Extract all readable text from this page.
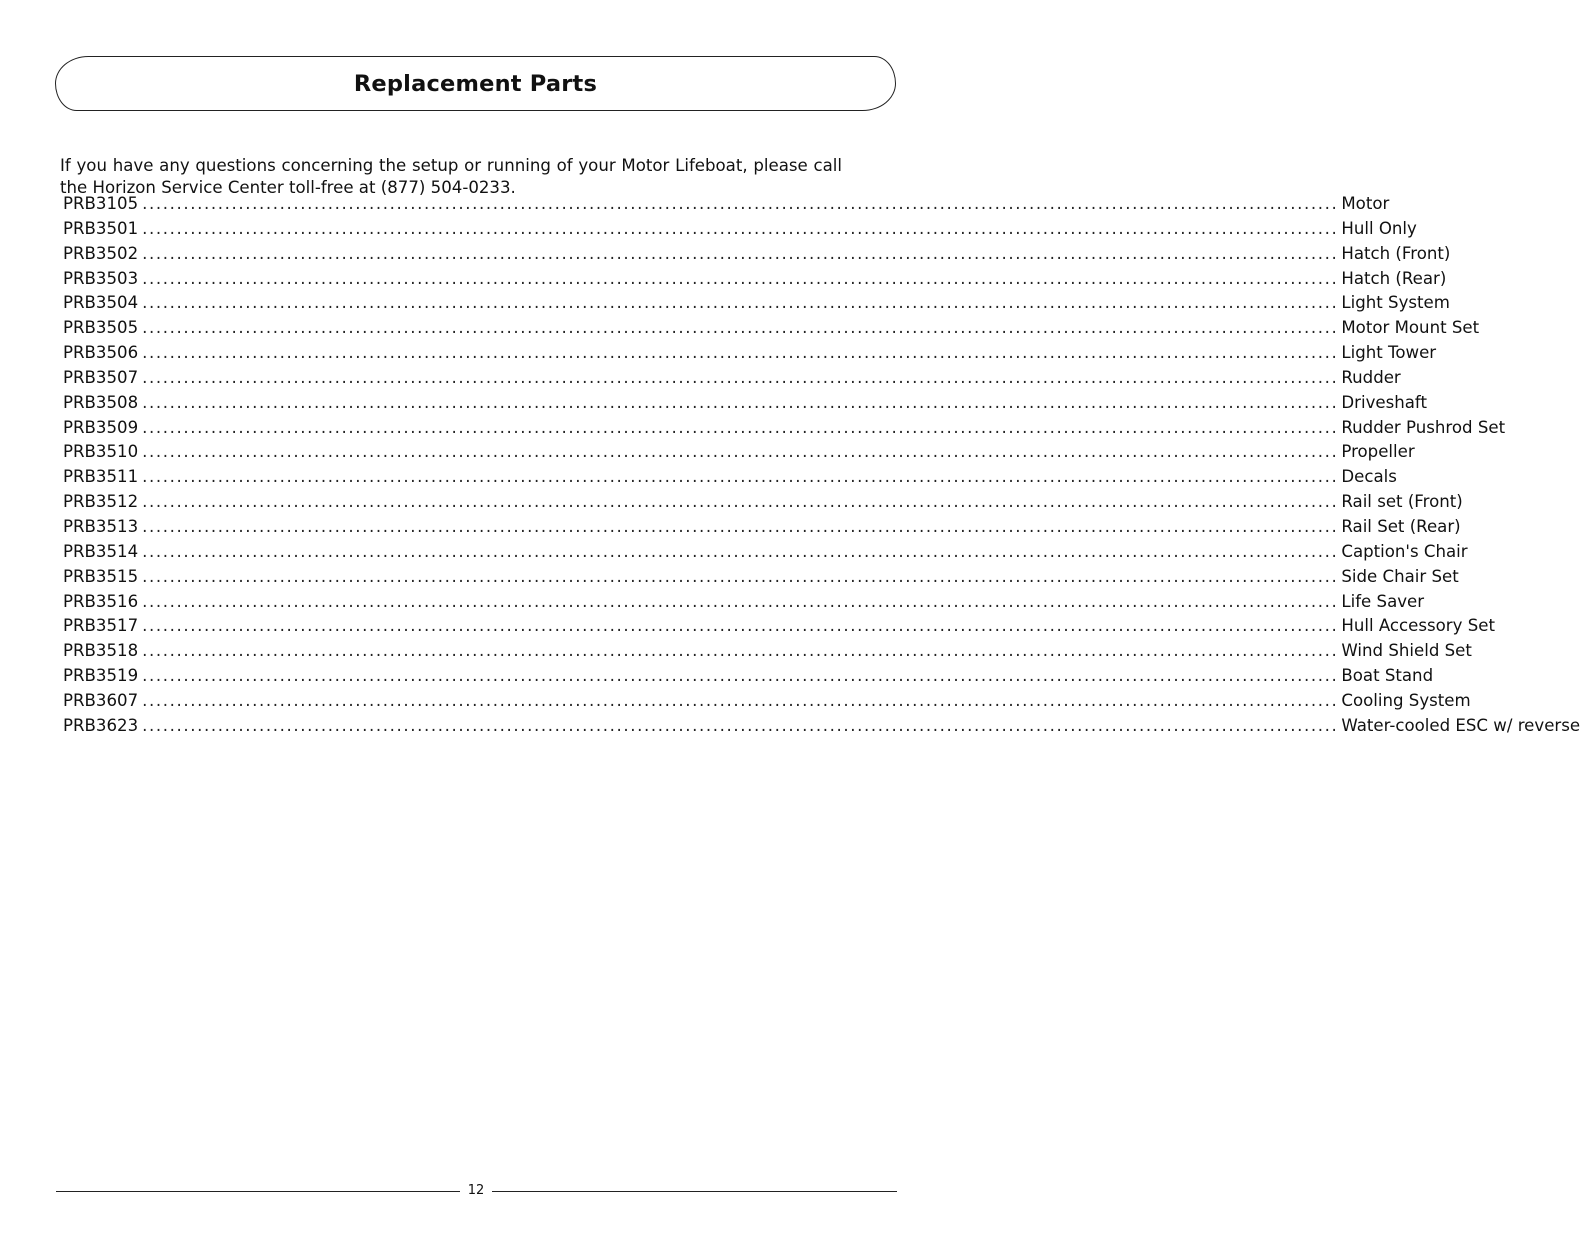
Replacement Parts

If you have any questions concerning the setup or running of your Motor Lifeboat, please call the Horizon Service Center toll-free at (877) 504-0233.

PRB3105 .............................................................................................................................................................................. Motor
PRB3501 .............................................................................................................................................................................. Hull Only
PRB3502 .............................................................................................................................................................................. Hatch (Front)
PRB3503 .............................................................................................................................................................................. Hatch (Rear)
PRB3504 .............................................................................................................................................................................. Light System
PRB3505 .............................................................................................................................................................................. Motor Mount Set
PRB3506 .............................................................................................................................................................................. Light Tower
PRB3507 .............................................................................................................................................................................. Rudder
PRB3508 .............................................................................................................................................................................. Driveshaft
PRB3509 .............................................................................................................................................................................. Rudder Pushrod Set
PRB3510 .............................................................................................................................................................................. Propeller
PRB3511 .............................................................................................................................................................................. Decals
PRB3512 .............................................................................................................................................................................. Rail set (Front)
PRB3513 .............................................................................................................................................................................. Rail Set (Rear)
PRB3514 .............................................................................................................................................................................. Caption's Chair
PRB3515 .............................................................................................................................................................................. Side Chair Set
PRB3516 .............................................................................................................................................................................. Life Saver
PRB3517 .............................................................................................................................................................................. Hull Accessory Set
PRB3518 .............................................................................................................................................................................. Wind Shield Set
PRB3519 .............................................................................................................................................................................. Boat Stand
PRB3607 .............................................................................................................................................................................. Cooling System
PRB3623 .............................................................................................................................................................................. Water-cooled ESC w/ reverse
12
